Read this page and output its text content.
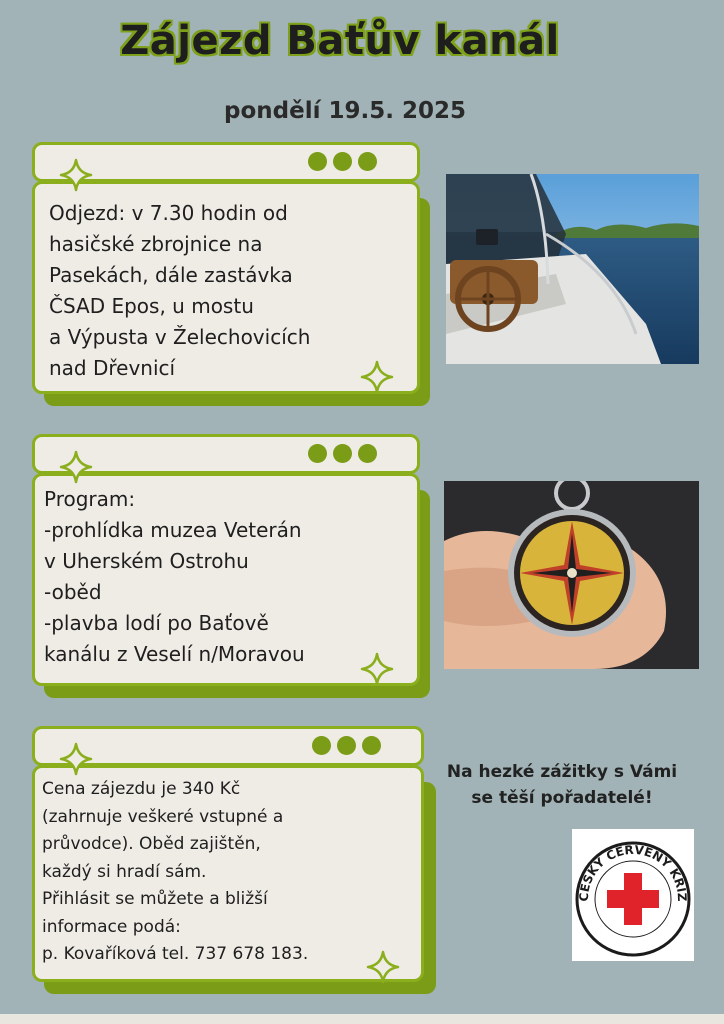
Zájezd Baťův kanál
pondělí 19.5. 2025
Odjezd: v 7.30 hodin od
hasičské zbrojnice na
Pasekách, dále zastávka
ČSAD Epos, u mostu
a Výpusta v Želechovicích
nad Dřevnicí
Program:
-prohlídka muzea Veterán
v Uherském Ostrohu
-oběd
-plavba lodí po Baťově
kanálu z Veselí n/Moravou
Cena zájezdu je 340 Kč
(zahrnuje veškeré vstupné a
průvodce). Oběd zajištěn,
každý si hradí sám.
Přihlásit se můžete a bližší
informace podá:
p. Kovaříková tel. 737 678 183.
Na hezké zážitky s Vámi
se těší pořadatelé!
ČESKÝ ČERVENÝ KŘÍŽ
